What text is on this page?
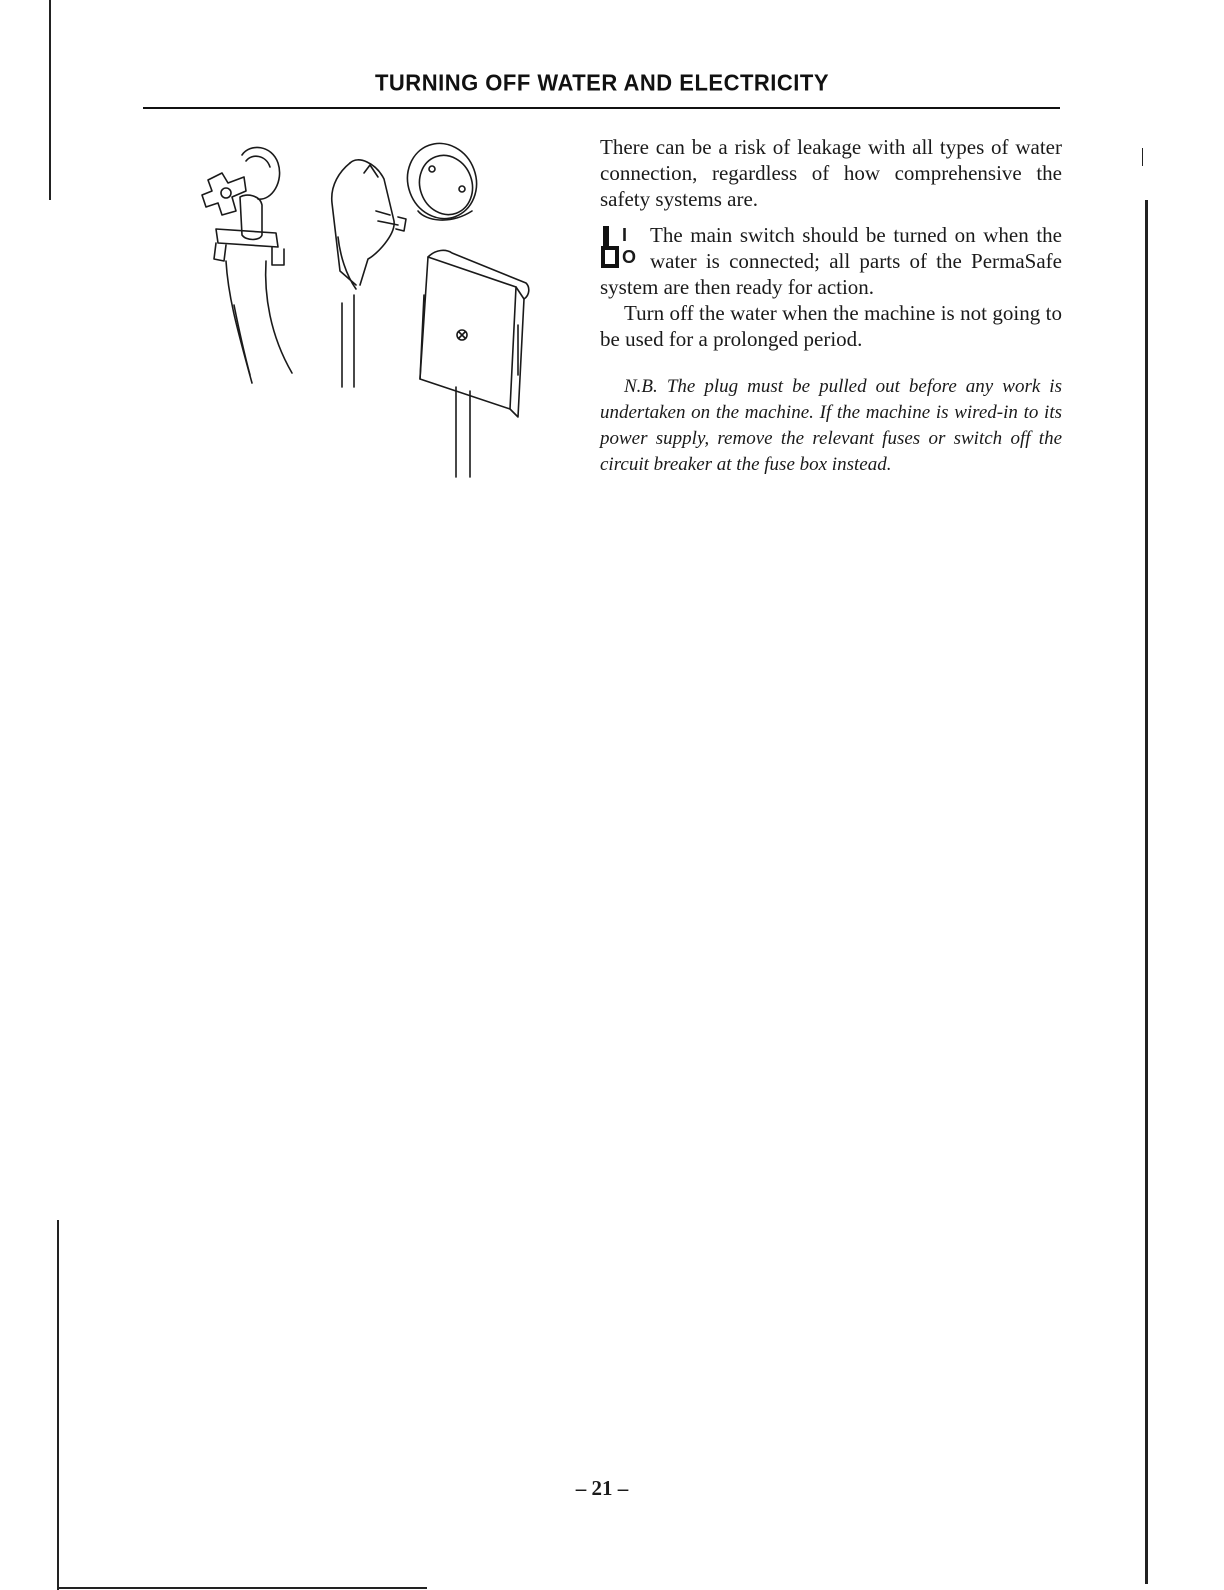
TURNING OFF WATER AND ELECTRICITY

There can be a risk of leakage with all types of water connection, regardless of how comprehensive the safety systems are.

I
O
The main switch should be turned on when the water is connected; all parts of the PermaSafe system are then ready for action.

Turn off the water when the machine is not going to be used for a prolonged period.

N.B. The plug must be pulled out before any work is undertaken on the machine. If the machine is wired-in to its power supply, remove the relevant fuses or switch off the circuit breaker at the fuse box instead.

– 21 –
